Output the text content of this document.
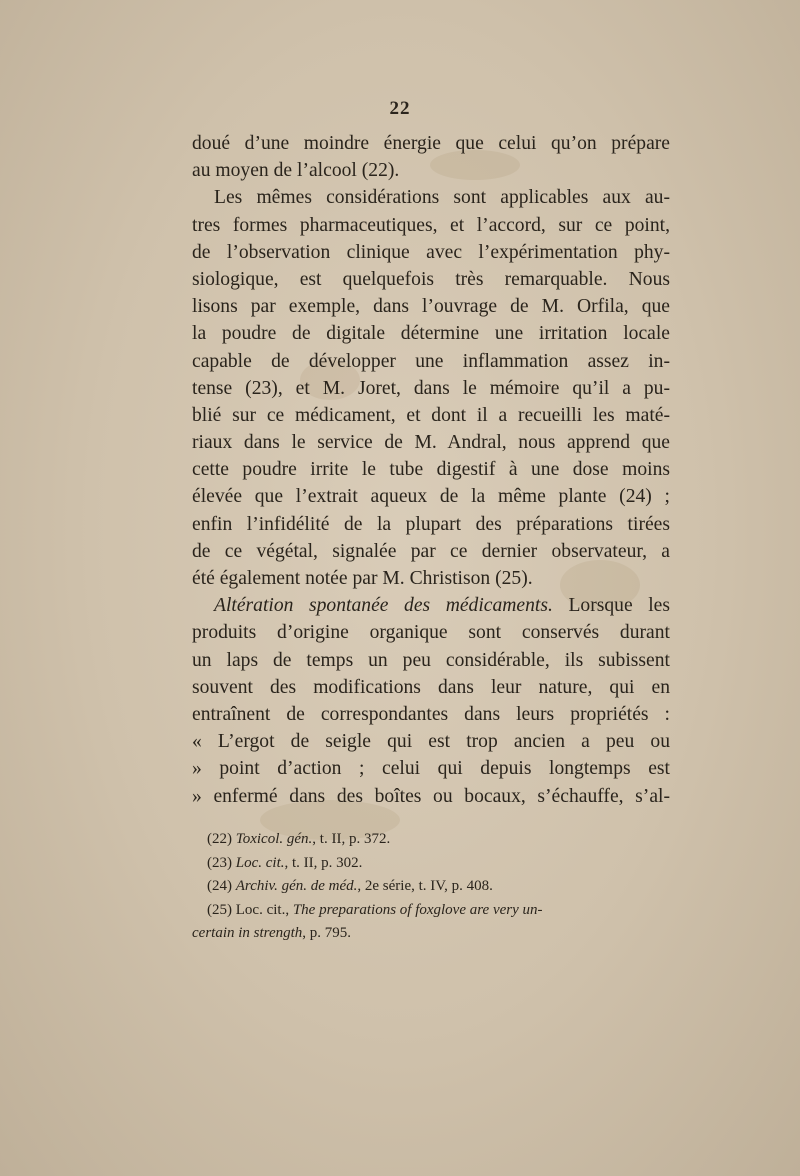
22
doué d’une moindre énergie que celui qu’on prépare
au moyen de l’alcool (22).
Les mêmes considérations sont applicables aux au-
tres formes pharmaceutiques, et l’accord, sur ce point,
de l’observation clinique avec l’expérimentation phy-
siologique, est quelquefois très remarquable. Nous
lisons par exemple, dans l’ouvrage de M. Orfila, que
la poudre de digitale détermine une irritation locale
capable de développer une inflammation assez in-
tense (23), et M. Joret, dans le mémoire qu’il a pu-
blié sur ce médicament, et dont il a recueilli les maté-
riaux dans le service de M. Andral, nous apprend que
cette poudre irrite le tube digestif à une dose moins
élevée que l’extrait aqueux de la même plante (24) ;
enfin l’infidélité de la plupart des préparations tirées
de ce végétal, signalée par ce dernier observateur, a
été également notée par M. Christison (25).
Altération spontanée des médicaments. Lorsque les
produits d’origine organique sont conservés durant
un laps de temps un peu considérable, ils subissent
souvent des modifications dans leur nature, qui en
entraînent de correspondantes dans leurs propriétés :
« L’ergot de seigle qui est trop ancien a peu ou
» point d’action ; celui qui depuis longtemps est
» enfermé dans des boîtes ou bocaux, s’échauffe, s’al-
(22) Toxicol. gén., t. II, p. 372.
(23) Loc. cit., t. II, p. 302.
(24) Archiv. gén. de méd., 2e série, t. IV, p. 408.
(25) Loc. cit., The preparations of foxglove are very un-
certain in strength, p. 795.
